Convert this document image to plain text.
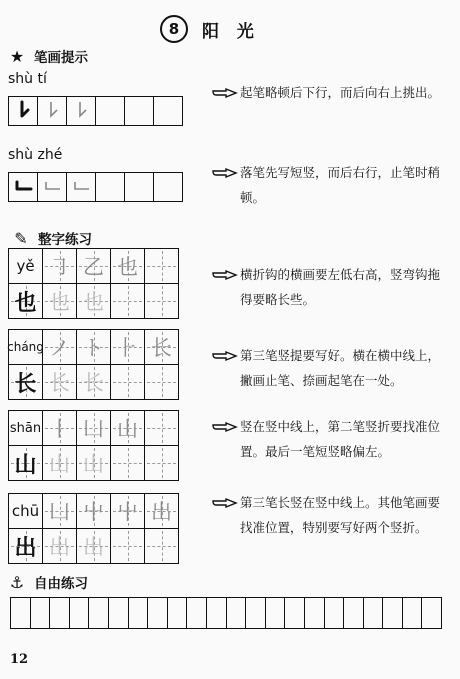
8	阳 光
★ 笔画提示
shù tí
起笔略顿后下行，而后向右上挑出。
shù zhé
落笔先写短竖，而后右行，止笔时稍顿。
✎ 整字练习
yě ㇆ ⼄ 也
也 也 也
横折钩的横画要左低右高，竖弯钩拖得要略长些。
cháng ノ ト ⺊ 长
长 长 长
第三笔竖提要写好。横在横中线上，撇画止笔、捺画起笔在一处。
shān 丨 凵 山
山 山 山
竖在竖中线上，第二笔竖折要找准位置。最后一笔短竖略偏左。
chū 凵 屮 屮 出
出 出 出
第三笔长竖在竖中线上。其他笔画要找准位置，特别要写好两个竖折。
⚓ 自由练习
12
